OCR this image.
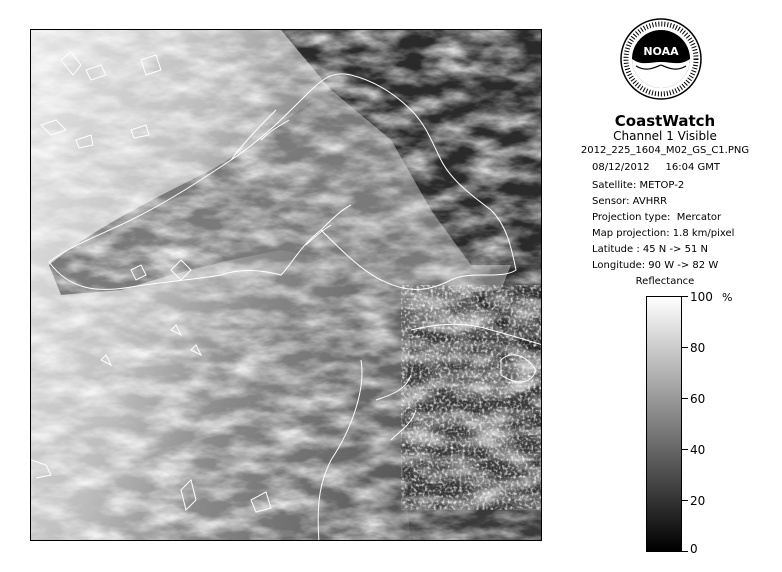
NOAA
CoastWatch
Channel 1 Visible
2012_225_1604_M02_GS_C1.PNG
08/12/2012     16:04 GMT
Satellite: METOP-2
Sensor: AVHRR
Projection type:  Mercator
Map projection: 1.8 km/pixel
Latitude : 45 N -> 51 N
Longitude: 90 W -> 82 W
Reflectance
%
100
80
60
40
20
0
